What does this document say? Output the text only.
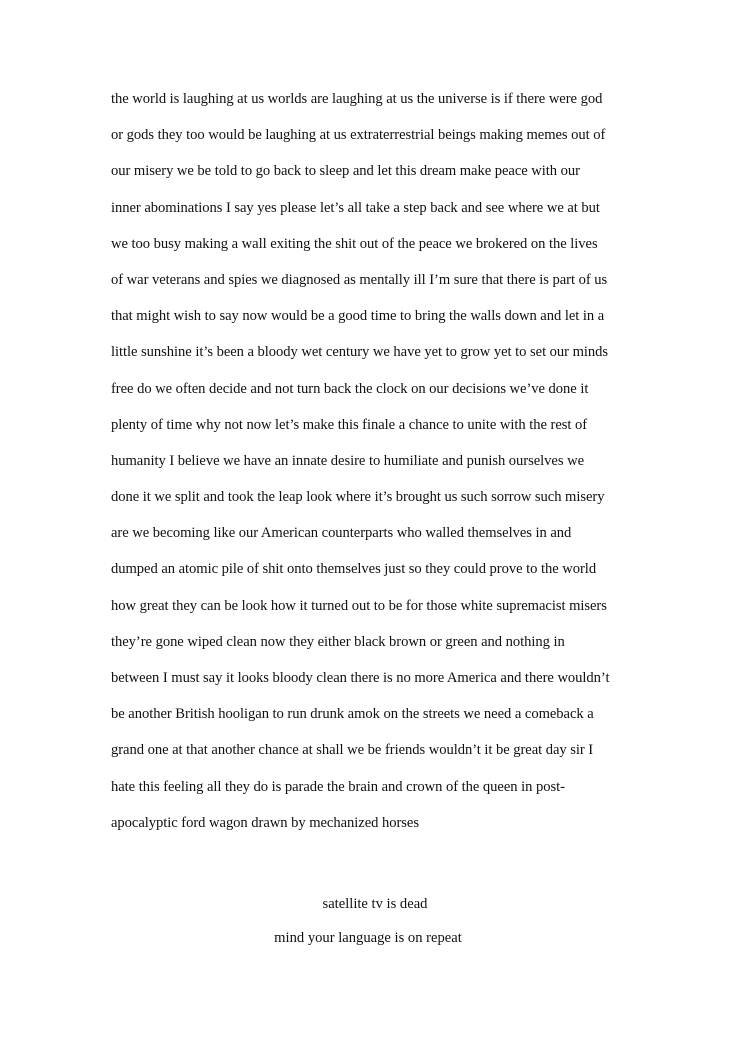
the world is laughing at us worlds are laughing at us the universe is if there were god
or gods they too would be laughing at us extraterrestrial beings making memes out of
our misery we be told to go back to sleep and let this dream make peace with our
inner abominations I say yes please let’s all take a step back and see where we at but
we too busy making a wall exiting the shit out of the peace we brokered on the lives
of war veterans and spies we diagnosed as mentally ill I’m sure that there is part of us
that might wish to say now would be a good time to bring the walls down and let in a
little sunshine it’s been a bloody wet century we have yet to grow yet to set our minds
free do we often decide and not turn back the clock on our decisions we’ve done it
plenty of time why not now let’s make this finale a chance to unite with the rest of
humanity I believe we have an innate desire to humiliate and punish ourselves we
done it we split and took the leap look where it’s brought us such sorrow such misery
are we becoming like our American counterparts who walled themselves in and
dumped an atomic pile of shit onto themselves just so they could prove to the world
how great they can be look how it turned out to be for those white supremacist misers
they’re gone wiped clean now they either black brown or green and nothing in
between I must say it looks bloody clean there is no more America and there wouldn’t
be another British hooligan to run drunk amok on the streets we need a comeback a
grand one at that another chance at shall we be friends wouldn’t it be great day sir I
hate this feeling all they do is parade the brain and crown of the queen in post-
apocalyptic ford wagon drawn by mechanized horses
satellite tv is dead
mind your language is on repeat
